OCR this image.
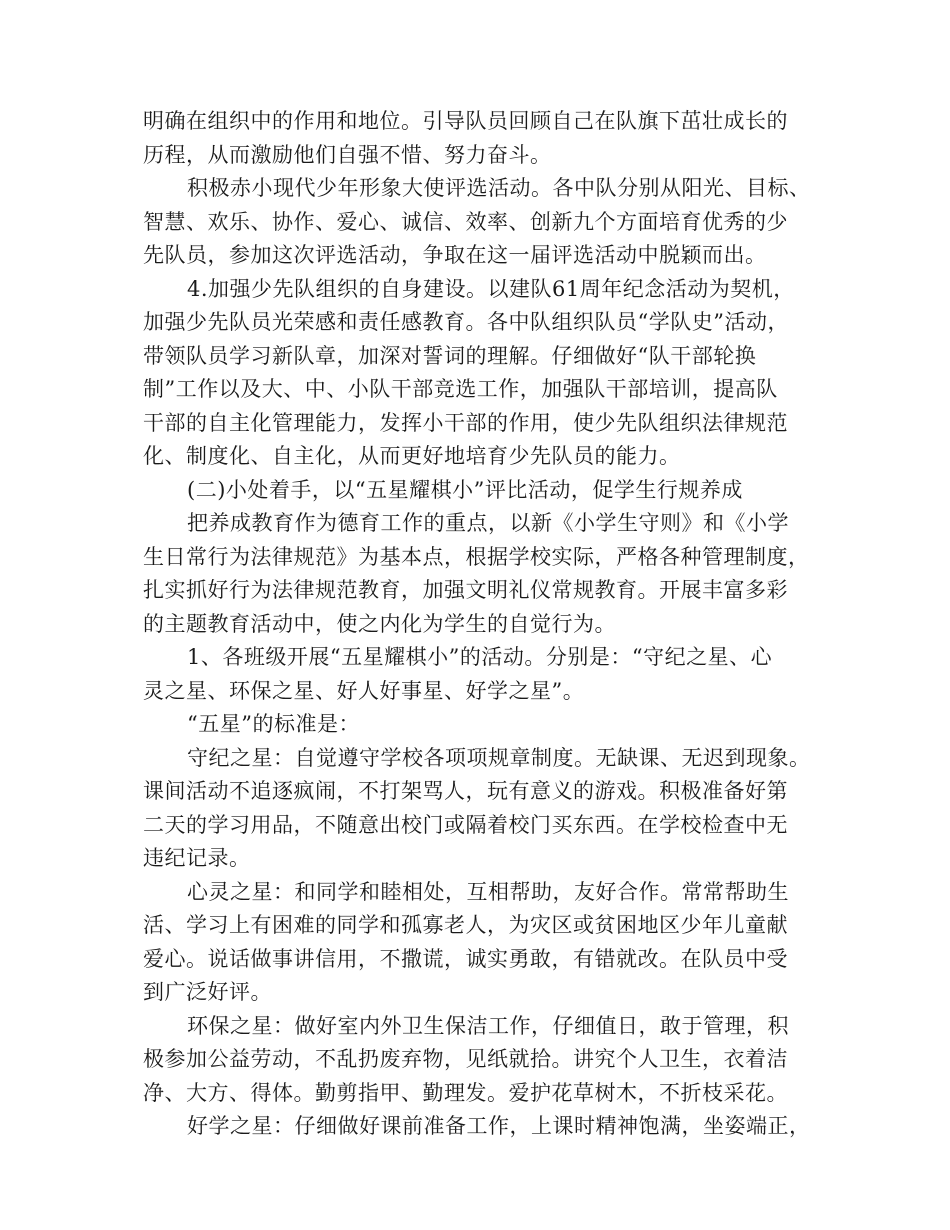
明确在组织中的作用和地位。引导队员回顾自己在队旗下茁壮成长的
历程，从而激励他们自强不惜、努力奋斗。
积极赤小现代少年形象大使评选活动。各中队分别从阳光、目标、
智慧、欢乐、协作、爱心、诚信、效率、创新九个方面培育优秀的少
先队员，参加这次评选活动，争取在这一届评选活动中脱颖而出。
4.加强少先队组织的自身建设。以建队61周年纪念活动为契机，
加强少先队员光荣感和责任感教育。各中队组织队员“学队史”活动，
带领队员学习新队章，加深对誓词的理解。仔细做好“队干部轮换
制”工作以及大、中、小队干部竞选工作，加强队干部培训，提高队
干部的自主化管理能力，发挥小干部的作用，使少先队组织法律规范
化、制度化、自主化，从而更好地培育少先队员的能力。
(二)小处着手，以“五星耀棋小”评比活动，促学生行规养成
把养成教育作为德育工作的重点，以新《小学生守则》和《小学
生日常行为法律规范》为基本点，根据学校实际，严格各种管理制度，
扎实抓好行为法律规范教育，加强文明礼仪常规教育。开展丰富多彩
的主题教育活动中，使之内化为学生的自觉行为。
1、各班级开展“五星耀棋小”的活动。分别是：“守纪之星、心
灵之星、环保之星、好人好事星、好学之星”。
“五星”的标准是：
守纪之星：自觉遵守学校各项项规章制度。无缺课、无迟到现象。
课间活动不追逐疯闹，不打架骂人，玩有意义的游戏。积极准备好第
二天的学习用品，不随意出校门或隔着校门买东西。在学校检查中无
违纪记录。
心灵之星：和同学和睦相处，互相帮助，友好合作。常常帮助生
活、学习上有困难的同学和孤寡老人，为灾区或贫困地区少年儿童献
爱心。说话做事讲信用，不撒谎，诚实勇敢，有错就改。在队员中受
到广泛好评。
环保之星：做好室内外卫生保洁工作，仔细值日，敢于管理，积
极参加公益劳动，不乱扔废弃物，见纸就拾。讲究个人卫生，衣着洁
净、大方、得体。勤剪指甲、勤理发。爱护花草树木，不折枝采花。
好学之星：仔细做好课前准备工作，上课时精神饱满，坐姿端正，
